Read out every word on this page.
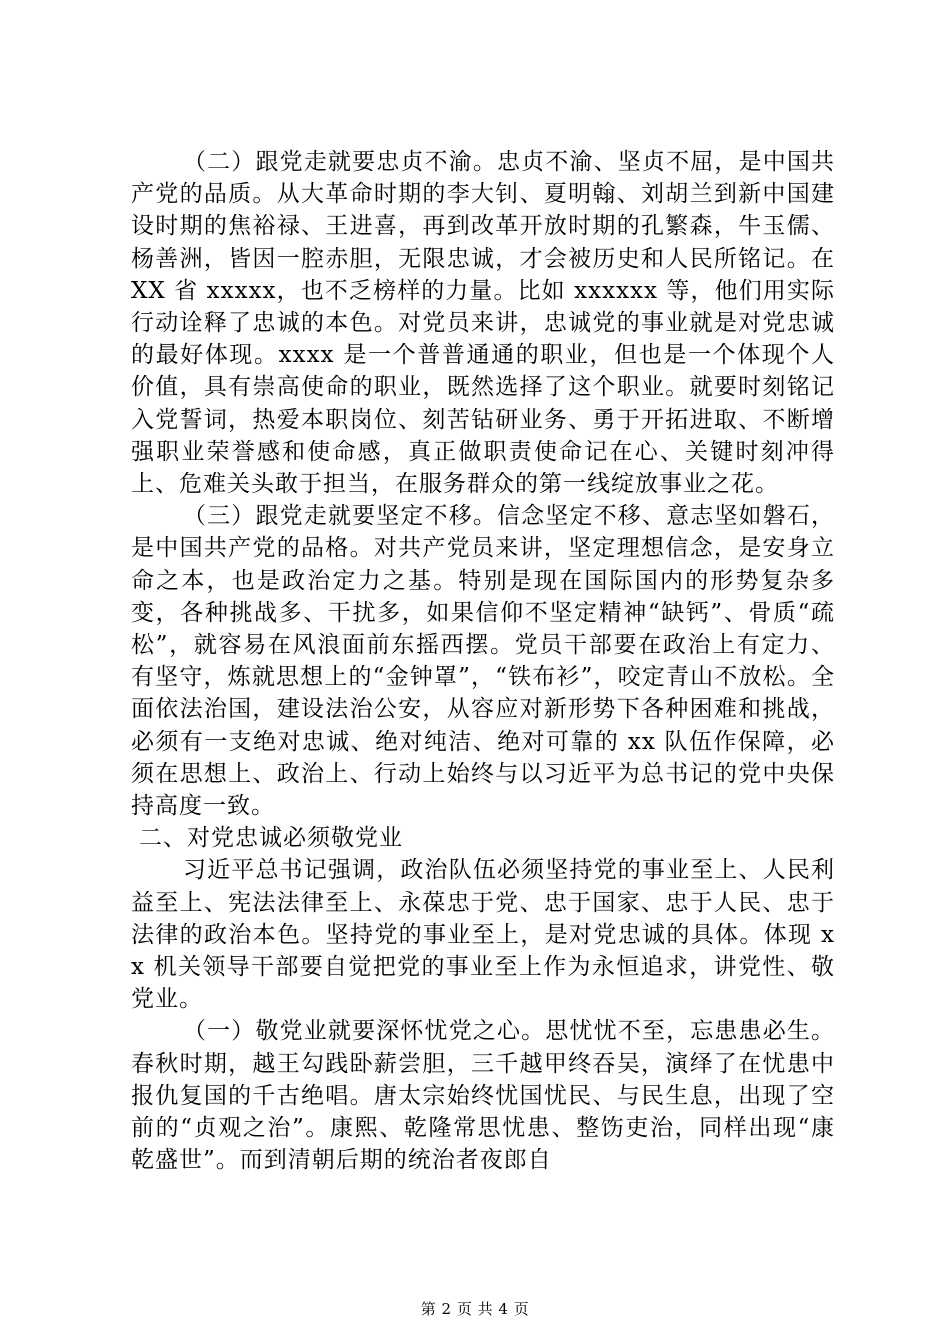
（二）跟党走就要忠贞不渝。忠贞不渝、坚贞不屈，是中国共产党的品质。从大革命时期的李大钊、夏明翰、刘胡兰到新中国建设时期的焦裕禄、王进喜，再到改革开放时期的孔繁森，牛玉儒、杨善洲，皆因一腔赤胆，无限忠诚，才会被历史和人民所铭记。在 XX 省 xxxxx，也不乏榜样的力量。比如 xxxxxx 等，他们用实际行动诠释了忠诚的本色。对党员来讲，忠诚党的事业就是对党忠诚的最好体现。xxxx 是一个普普通通的职业，但也是一个体现个人价值，具有崇高使命的职业，既然选择了这个职业。就要时刻铭记入党誓词，热爱本职岗位、刻苦钻研业务、勇于开拓进取、不断增强职业荣誉感和使命感，真正做职责使命记在心、关键时刻冲得上、危难关头敢于担当，在服务群众的第一线绽放事业之花。

（三）跟党走就要坚定不移。信念坚定不移、意志坚如磐石，是中国共产党的品格。对共产党员来讲，坚定理想信念，是安身立命之本，也是政治定力之基。特别是现在国际国内的形势复杂多变，各种挑战多、干扰多，如果信仰不坚定精神“缺钙”、骨质“疏松”，就容易在风浪面前东摇西摆。党员干部要在政治上有定力、有坚守，炼就思想上的“金钟罩”，“铁布衫”，咬定青山不放松。全面依法治国，建设法治公安，从容应对新形势下各种困难和挑战，必须有一支绝对忠诚、绝对纯洁、绝对可靠的 xx 队伍作保障，必须在思想上、政治上、行动上始终与以习近平为总书记的党中央保持高度一致。

二、对党忠诚必须敬党业

习近平总书记强调，政治队伍必须坚持党的事业至上、人民利益至上、宪法法律至上、永葆忠于党、忠于国家、忠于人民、忠于法律的政治本色。坚持党的事业至上，是对党忠诚的具体。体现 xx 机关领导干部要自觉把党的事业至上作为永恒追求，讲党性、敬党业。

（一）敬党业就要深怀忧党之心。思忧忧不至，忘患患必生。春秋时期，越王勾践卧薪尝胆，三千越甲终吞吴，演绎了在忧患中报仇复国的千古绝唱。唐太宗始终忧国忧民、与民生息，出现了空前的“贞观之治”。康熙、乾隆常思忧患、整饬吏治，同样出现“康乾盛世”。而到清朝后期的统治者夜郎自

第 2 页 共 4 页
